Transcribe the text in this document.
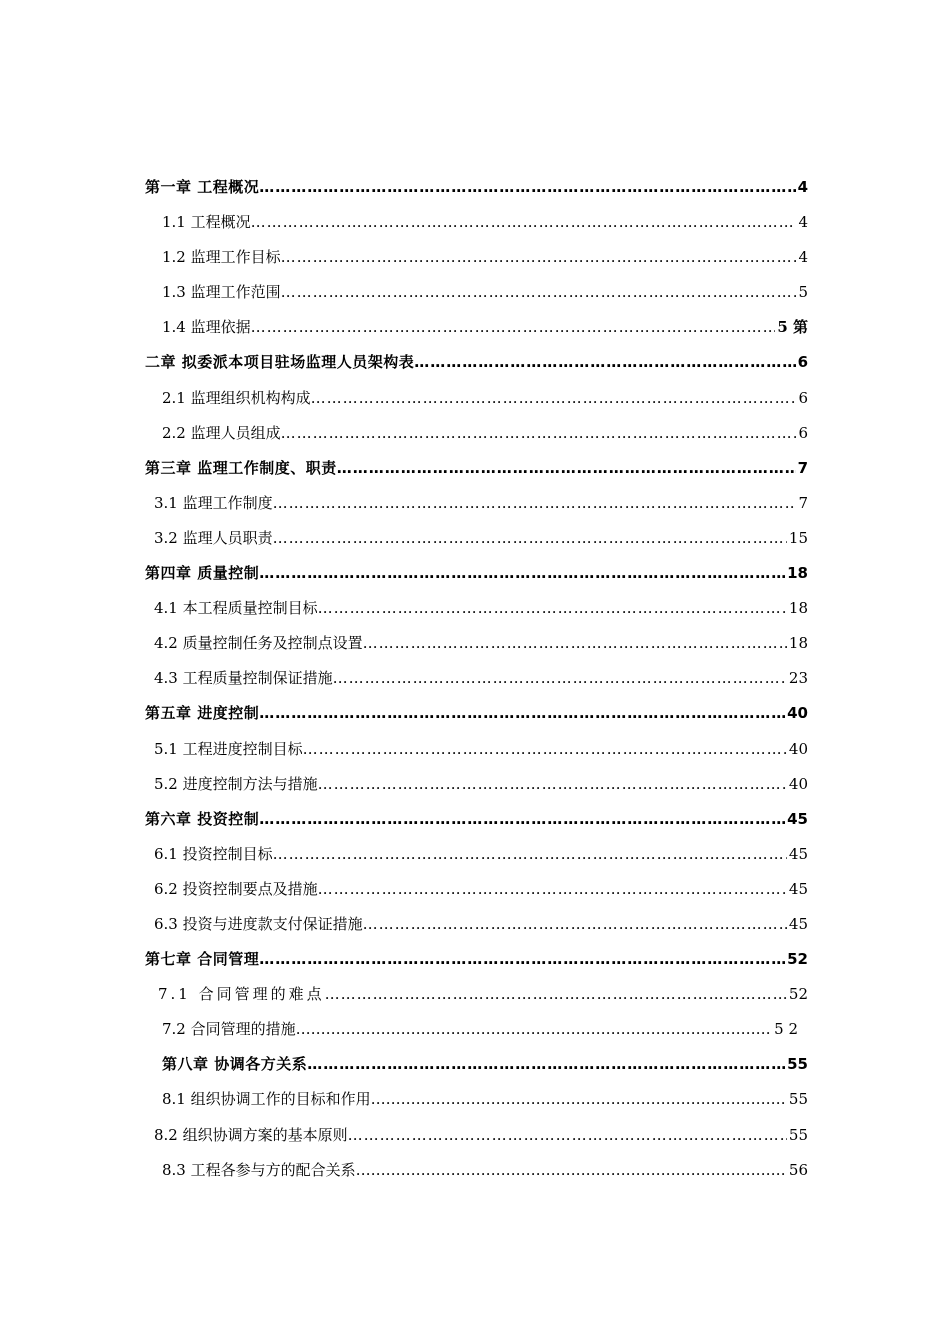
第一章 工程概况 ………………………………………………………………………………………………………………………………………………………………………………………………	4
1.1 工程概况 ………………………………………………………………………………………………………………………………………………………………………………………………	4
1.2 监理工作目标 ………………………………………………………………………………………………………………………………………………………………………………………………	4
1.3 监理工作范围 ………………………………………………………………………………………………………………………………………………………………………………………………	5
1.4 监理依据 ………………………………………………………………………………………………………………………………………………………………………………………………	5 第
二章 拟委派本项目驻场监理人员架构表 ………………………………………………………………………………………………………………………………………………………………………………………………	6
2.1 监理组织机构构成 ………………………………………………………………………………………………………………………………………………………………………………………………	6
2.2 监理人员组成 ………………………………………………………………………………………………………………………………………………………………………………………………	6
第三章 监理工作制度、职责 ………………………………………………………………………………………………………………………………………………………………………………………………	7
3.1 监理工作制度 ………………………………………………………………………………………………………………………………………………………………………………………………	7
3.2 监理人员职责 ………………………………………………………………………………………………………………………………………………………………………………………………	15
第四章 质量控制 ………………………………………………………………………………………………………………………………………………………………………………………………	18
4.1 本工程质量控制目标 ………………………………………………………………………………………………………………………………………………………………………………………………	18
4.2 质量控制任务及控制点设置 ………………………………………………………………………………………………………………………………………………………………………………………………	18
4.3 工程质量控制保证措施 ………………………………………………………………………………………………………………………………………………………………………………………………	23
第五章 进度控制 ………………………………………………………………………………………………………………………………………………………………………………………………	40
5.1 工程进度控制目标 ………………………………………………………………………………………………………………………………………………………………………………………………	40
5.2 进度控制方法与措施 ………………………………………………………………………………………………………………………………………………………………………………………………	40
第六章 投资控制 ………………………………………………………………………………………………………………………………………………………………………………………………	45
6.1 投资控制目标 ………………………………………………………………………………………………………………………………………………………………………………………………	45
6.2 投资控制要点及措施 ………………………………………………………………………………………………………………………………………………………………………………………………	45
6.3 投资与进度款支付保证措施 ………………………………………………………………………………………………………………………………………………………………………………………………	45
第七章 合同管理 ………………………………………………………………………………………………………………………………………………………………………………………………	52
7.1 合同管理的难点 ………………………………………………………………………………………………………………………………………………………………………………………………	52
7.2 合同管理的措施 ………………………………………………………………………………………………………………………………………………………………………………………………	5 2
第八章 协调各方关系 ………………………………………………………………………………………………………………………………………………………………………………………………	55
8.1 组织协调工作的目标和作用 ………………………………………………………………………………………………………………………………………………………………………………………………	55
8.2 组织协调方案的基本原则 ………………………………………………………………………………………………………………………………………………………………………………………………	55
8.3 工程各参与方的配合关系 ………………………………………………………………………………………………………………………………………………………………………………………………	56
